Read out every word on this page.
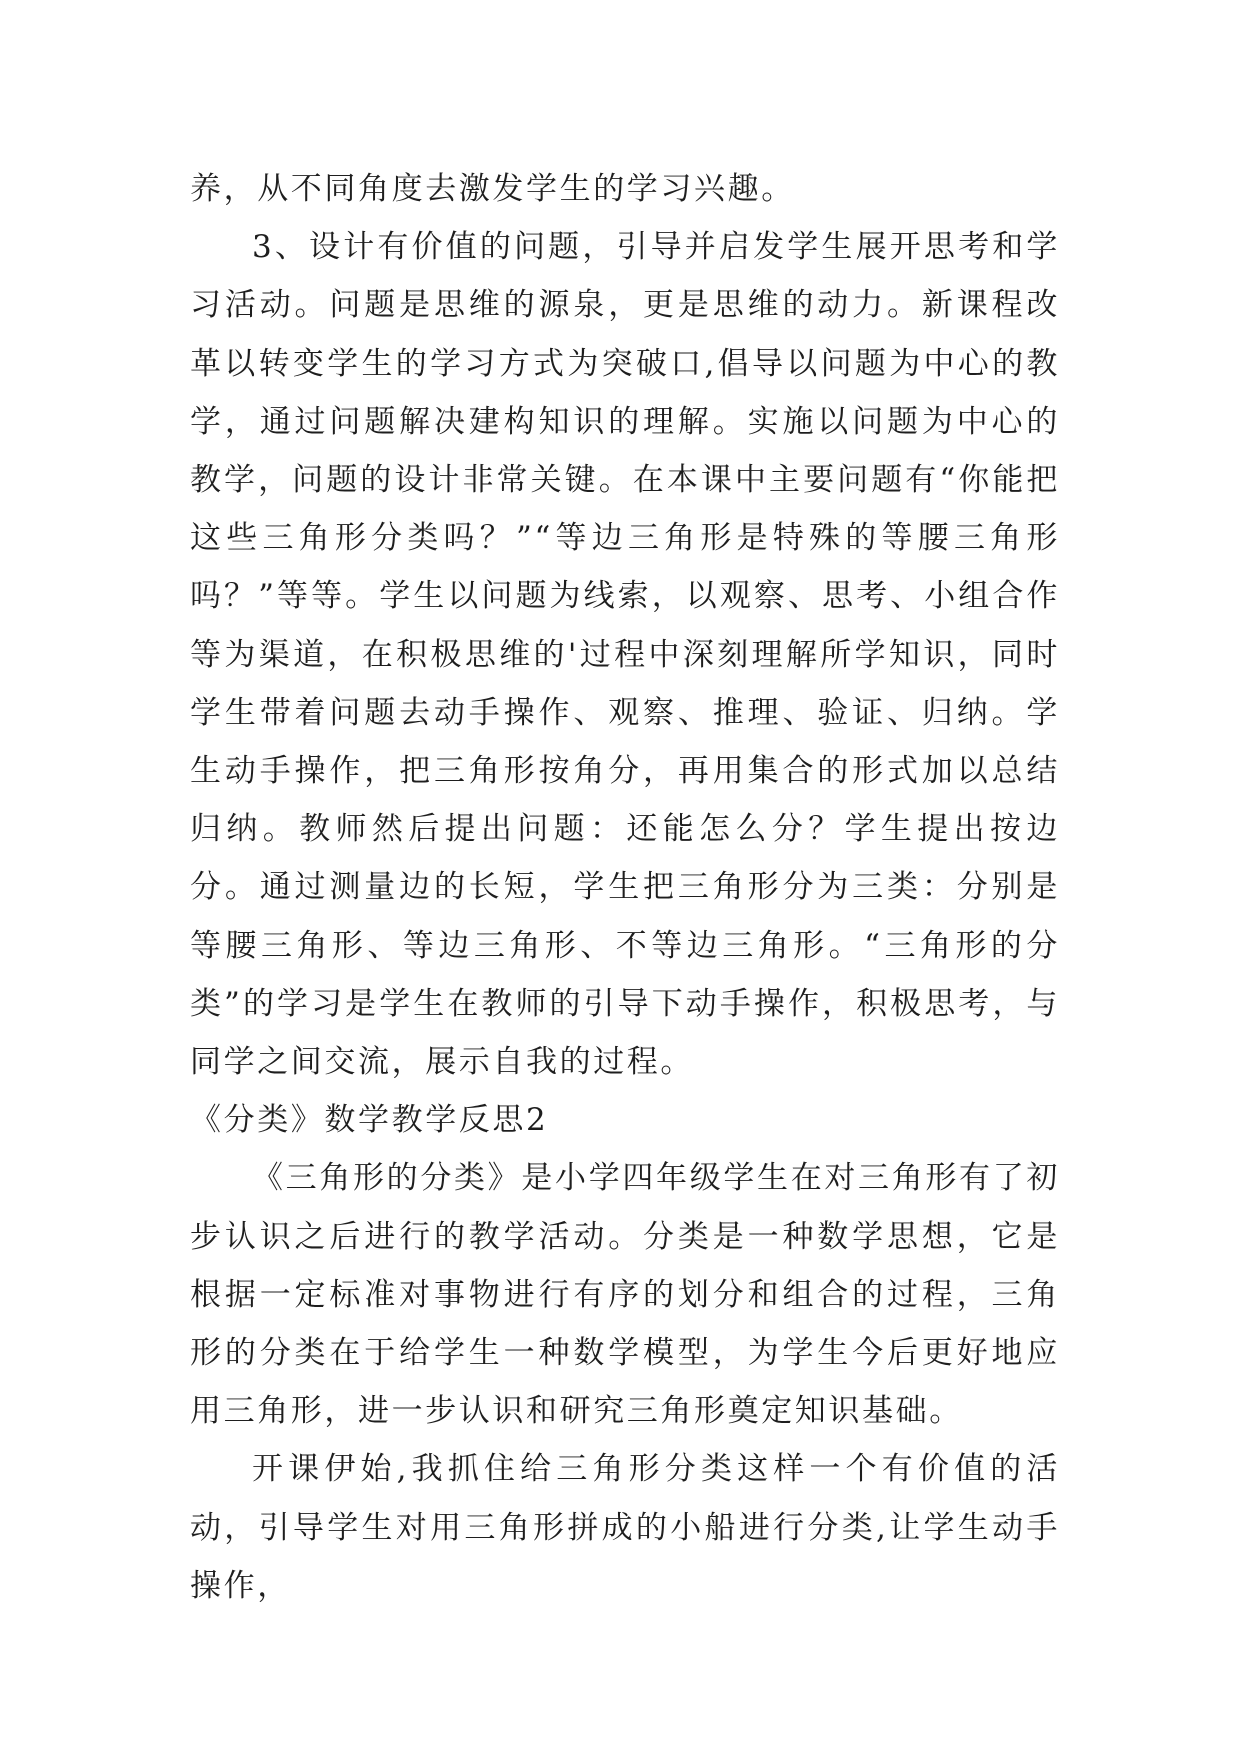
养，从不同角度去激发学生的学习兴趣。

3、设计有价值的问题，引导并启发学生展开思考和学习活动。问题是思维的源泉，更是思维的动力。新课程改革以转变学生的学习方式为突破口,倡导以问题为中心的教学，通过问题解决建构知识的理解。实施以问题为中心的教学，问题的设计非常关键。在本课中主要问题有“你能把这些三角形分类吗？”“等边三角形是特殊的等腰三角形吗？”等等。学生以问题为线索，以观察、思考、小组合作等为渠道，在积极思维的'过程中深刻理解所学知识，同时学生带着问题去动手操作、观察、推理、验证、归纳。学生动手操作，把三角形按角分，再用集合的形式加以总结归纳。教师然后提出问题：还能怎么分？学生提出按边分。通过测量边的长短，学生把三角形分为三类：分别是等腰三角形、等边三角形、不等边三角形。“三角形的分类”的学习是学生在教师的引导下动手操作，积极思考，与同学之间交流，展示自我的过程。

《分类》数学教学反思2

《三角形的分类》是小学四年级学生在对三角形有了初步认识之后进行的教学活动。分类是一种数学思想，它是根据一定标准对事物进行有序的划分和组合的过程，三角形的分类在于给学生一种数学模型，为学生今后更好地应用三角形，进一步认识和研究三角形奠定知识基础。

开课伊始,我抓住给三角形分类这样一个有价值的活动，引导学生对用三角形拼成的小船进行分类,让学生动手操作，
